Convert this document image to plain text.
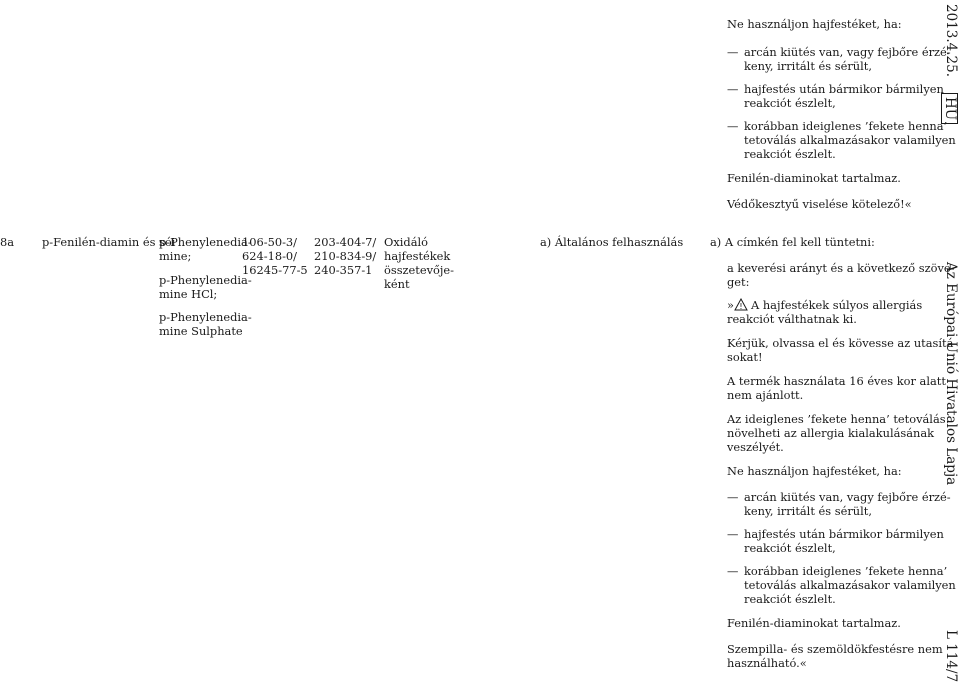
Ne használjon hajfestéket, ha:
— arcán kiütés van, vagy fejbőre érzé-
keny, irritált és sérült,
— hajfestés után bármikor bármilyen
reakciót észlelt,
— korábban ideiglenes ’fekete henna’
tetoválás alkalmazásakor valamilyen
reakciót észlelt.
Fenilén-diaminokat tartalmaz.
Védőkesztyű viselése kötelező!«
8a p-Fenilén-diamin és sói
p-Phenylenedia-
mine;
p-Phenylenedia-
mine HCl;
p-Phenylenedia-
mine Sulphate
106-50-3/
624-18-0/
16245-77-5
203-404-7/
210-834-9/
240-357-1
Oxidáló
hajfestékek
összetevője-
ként
a) Általános felhasználás a) A címkén fel kell tüntetni:
a keverési arányt és a következő szöve-
get:
» ! A hajfestékek súlyos allergiás
reakciót válthatnak ki.
Kérjük, olvassa el és kövesse az utasítá-
sokat!
A termék használata 16 éves kor alatt
nem ajánlott.
Az ideiglenes ’fekete henna’ tetoválás
növelheti az allergia kialakulásának
veszélyét.
Ne használjon hajfestéket, ha:
— arcán kiütés van, vagy fejbőre érzé-
keny, irritált és sérült,
— hajfestés után bármikor bármilyen
reakciót észlelt,
— korábban ideiglenes ’fekete henna’
tetoválás alkalmazásakor valamilyen
reakciót észlelt.
Fenilén-diaminokat tartalmaz.
Szempilla- és szemöldökfestésre nem
használható.«
2013.4.25.
HU
Az Európai Unió Hivatalos Lapja
L 114/7
